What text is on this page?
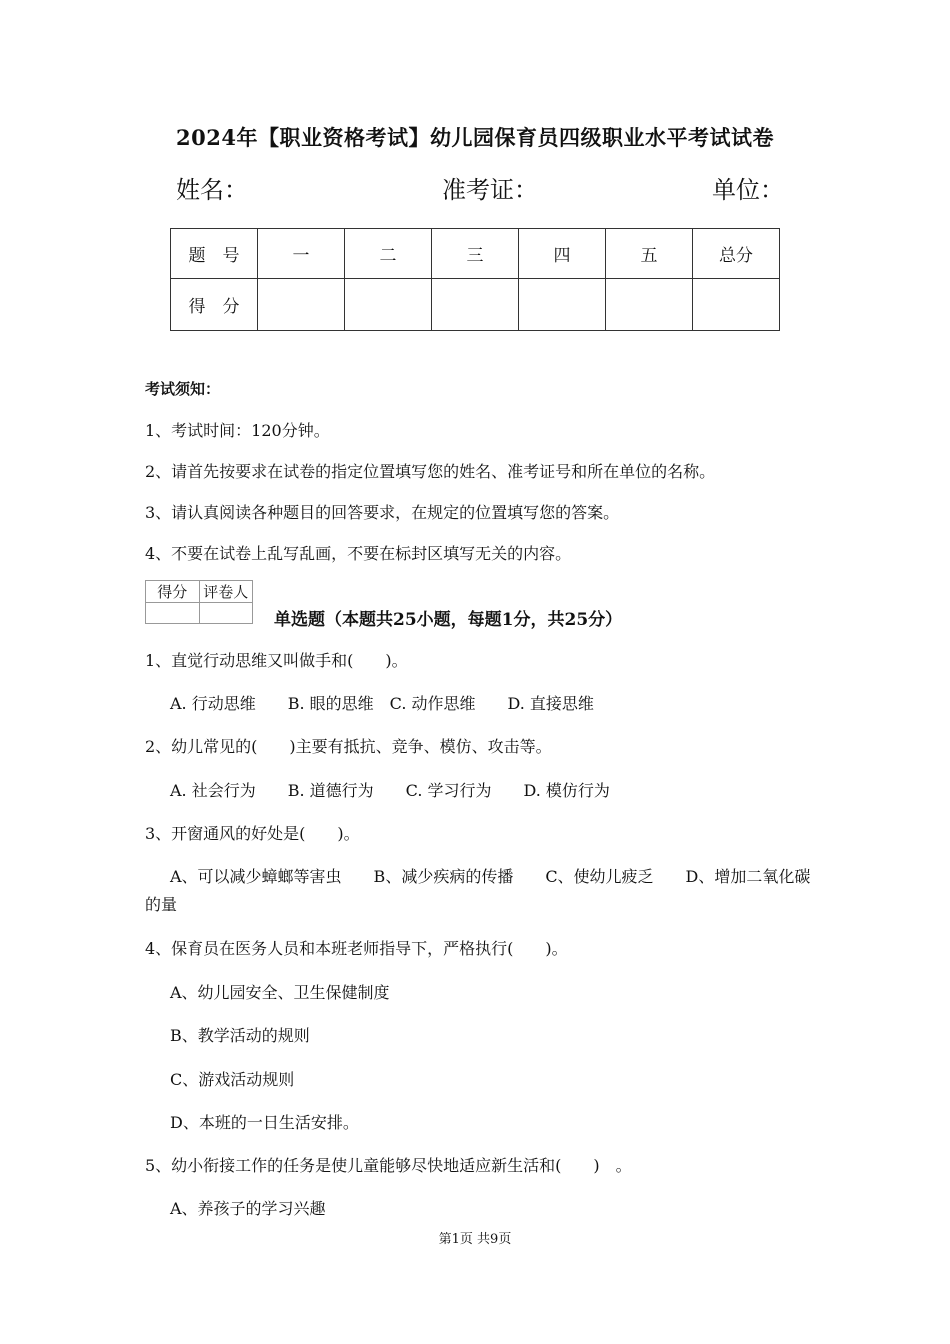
2024年【职业资格考试】幼儿园保育员四级职业水平考试试卷
姓名：	准考证：	单位：
题　号	一	二	三	四	五	总分
得　分						
考试须知：
1、考试时间：120分钟。
2、请首先按要求在试卷的指定位置填写您的姓名、准考证号和所在单位的名称。
3、请认真阅读各种题目的回答要求，在规定的位置填写您的答案。
4、不要在试卷上乱写乱画，不要在标封区填写无关的内容。
得分	评卷人

单选题（本题共25小题，每题1分，共25分）
1、直觉行动思维又叫做手和(　　)。
A. 行动思维　　B. 眼的思维　C. 动作思维　　D. 直接思维
2、幼儿常见的(　　)主要有抵抗、竞争、模仿、攻击等。
A. 社会行为　　B. 道德行为　　C. 学习行为　　D. 模仿行为
3、开窗通风的好处是(　　)。
A、可以减少蟑螂等害虫　　B、减少疾病的传播　　C、使幼儿疲乏　　D、增加二氧化碳
的量
4、保育员在医务人员和本班老师指导下，严格执行(　　)。
A、幼儿园安全、卫生保健制度
B、教学活动的规则
C、游戏活动规则
D、本班的一日生活安排。
5、幼小衔接工作的任务是使儿童能够尽快地适应新生活和(　　)　。
A、养孩子的学习兴趣
第1页 共9页
